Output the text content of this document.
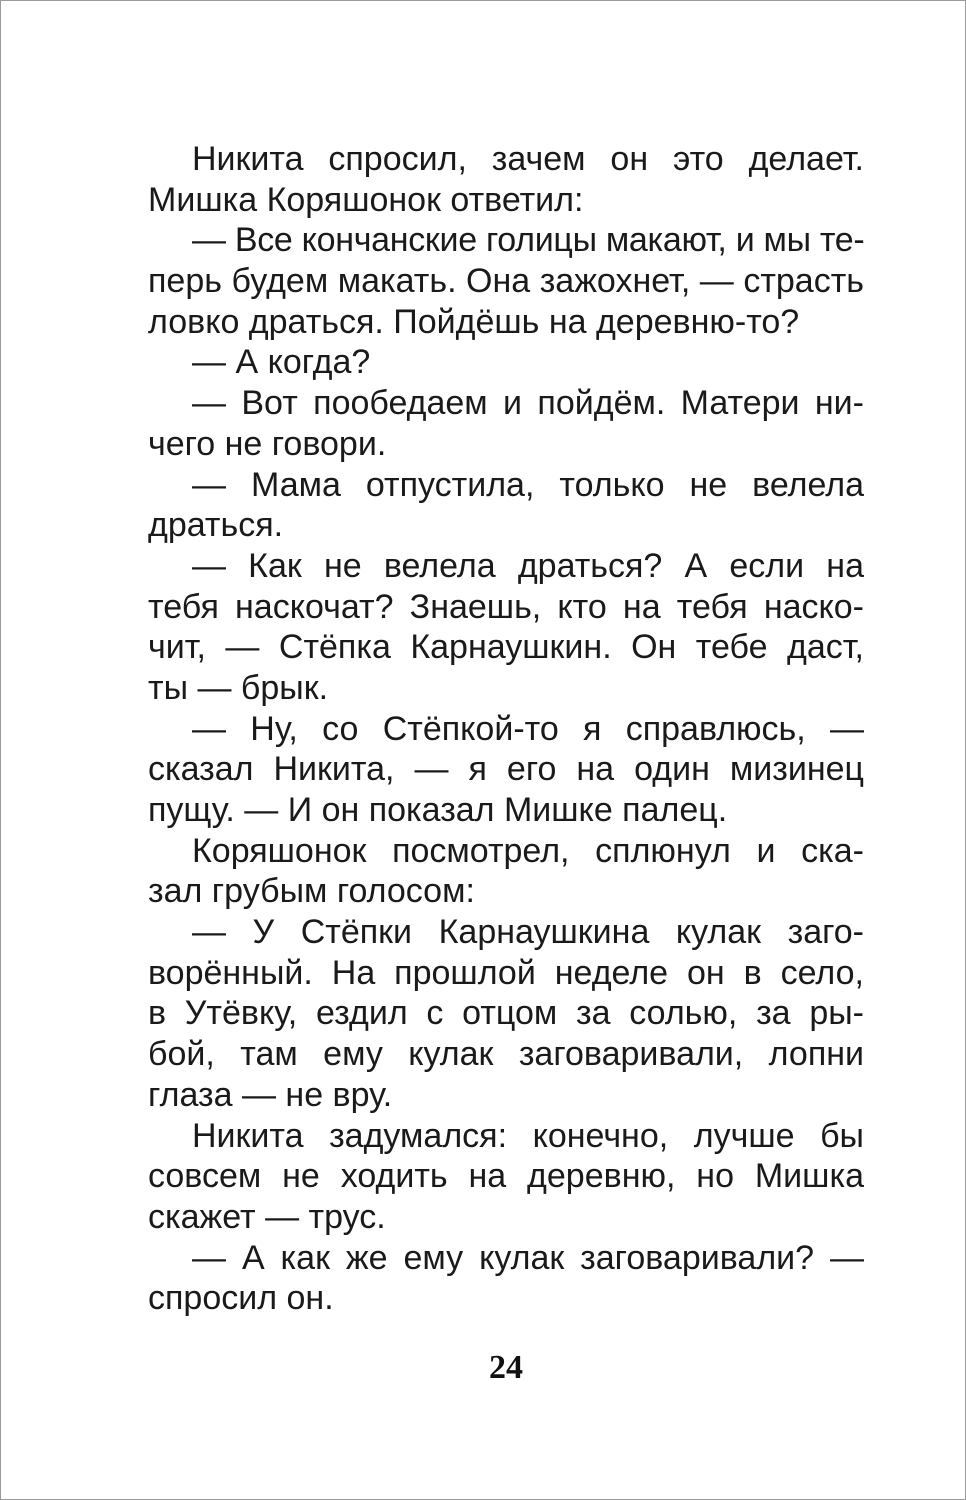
Никита спросил, зачем он это делает.
Мишка Коряшонок ответил:
— Все кончанские голицы макают, и мы те-
перь будем макать. Она зажохнет, — страсть
ловко драться. Пойдёшь на деревню-то?
— А когда?
— Вот пообедаем и пойдём. Матери ни-
чего не говори.
— Мама отпустила, только не велела
драться.
— Как не велела драться? А если на
тебя наскочат? Знаешь, кто на тебя наско-
чит, — Стёпка Карнаушкин. Он тебе даст,
ты — брык.
— Ну, со Стёпкой-то я справлюсь, —
сказал Никита, — я его на один мизинец
пущу. — И он показал Мишке палец.
Коряшонок посмотрел, сплюнул и ска-
зал грубым голосом:
— У Стёпки Карнаушкина кулак заго-
ворённый. На прошлой неделе он в село,
в Утёвку, ездил с отцом за солью, за ры-
бой, там ему кулак заговаривали, лопни
глаза — не вру.
Никита задумался: конечно, лучше бы
совсем не ходить на деревню, но Мишка
скажет — трус.
— А как же ему кулак заговаривали? —
спросил он.
24
